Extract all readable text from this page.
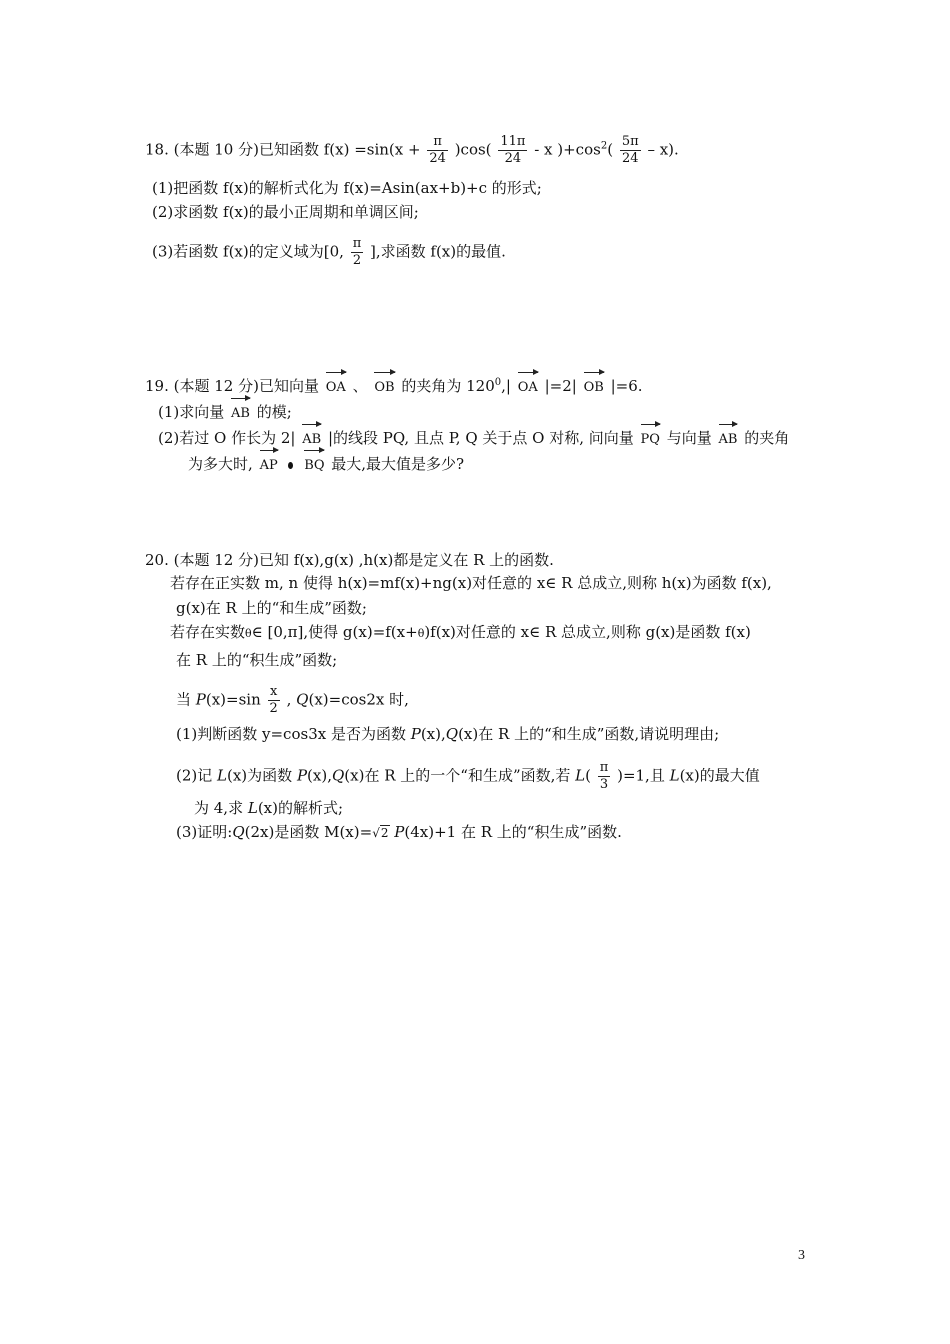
18. (本题 10 分)已知函数 $f(x) =\sin(x + \frac{\pi}{24} )\cos( \frac{11\pi}{24} - x$ )$+\cos^2( \frac{5\pi}{24} - x)$.
(1)把函数 f(x)的解析式化为 f(x)=Asin(ax+b)+c 的形式;
(2)求函数 f(x)的最小正周期和单调区间;
(3)若函数 f(x)的定义域为[0, $\frac{\pi}{2}$ ],求函数 f(x)的最值.
19. (本题 12 分)已知向量 OA 、 OB 的夹角为 $120^0,|$ OA |=2| OB |=6.
(1)求向量 AB 的模;
(2)若过 O 作长为 2| AB |的线段 PQ, 且点 P, Q 关于点 O 对称, 问向量 PQ 与向量 AB 的夹角
为多大时, AP BQ 最大,最大值是多少?
20. (本题 12 分)已知 f(x),g(x) ,h(x)都是定义在 R 上的函数.
若存在正实数 m, n 使得 h(x)=mf(x)+ng(x)对任意的 x∈ R 总成立,则称 h(x)为函数 f(x),
g(x)在 R 上的“和生成”函数;
若存在实数θ∈ [0,π],使得 g(x)=f(x+θ)f(x)对任意的 x∈ R 总成立,则称 g(x)是函数 f(x)
在 R 上的“积生成”函数;
当 $P(x)=\sin \frac{x}{2}$ , Q(x)=cos2x 时,
(1)判断函数 y=cos3x 是否为函数 P(x),Q(x)在 R 上的“和生成”函数,请说明理由;
(2)记 L(x)为函数 P(x),Q(x)在 R 上的一个“和生成”函数,若 $L( \frac{\pi}{3} )=1$,且 L(x)的最大值
为 4,求 L(x)的解析式;
(3)证明:Q(2x)是函数 M(x)=√2 P(4x)+1 在 R 上的“积生成”函数.
3
